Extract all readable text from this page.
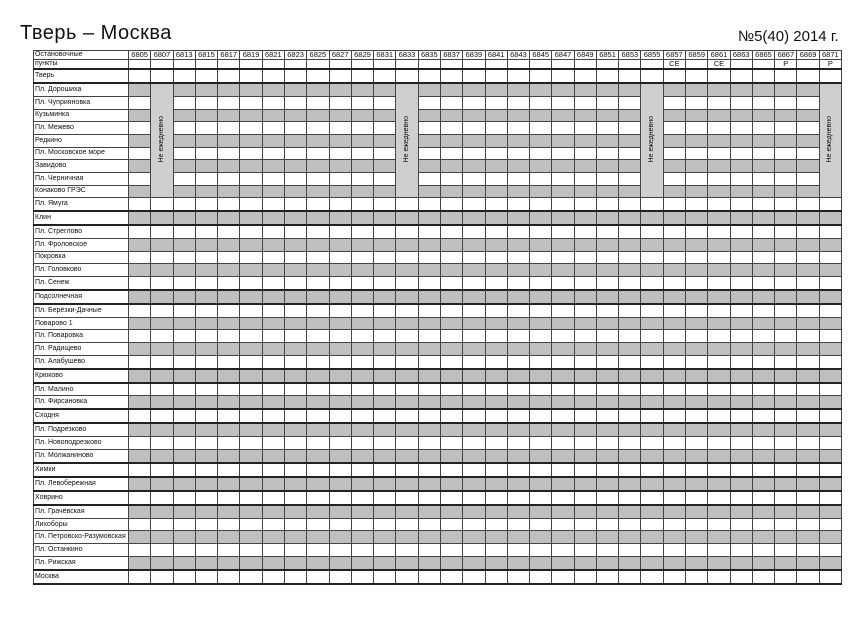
Тверь – Москва	№5(40) 2014 г.
Остановочные	6805	6807	6813	6815	6817	6819	6821	6823	6825	6827	6829	6831	6833	6835	6837	6839	6841	6843	6845	6847	6849	6851	6853	6855	6857	6859	6861	6863	6865	6867	6869	6871
пункты																									СЕ		СЕ			Р		Р
Тверь																																
Пл. Дорошиха		Не ежедневно											Не ежедневно											Не ежедневно								Не ежедневно
Пл. Чуприяновка																																
Кузьминка																																
Пл. Межево																																
Редкино																																
Пл. Московское море																																
Завидово																																
Пл. Черничная																																
Конаково ГРЭС																																
Пл. Ямуга																																
Клин																																
Пл. Стреглово																																
Пл. Фроловское																																
Покровка																																
Пл. Головково																																
Пл. Сенеж																																
Подсолнечная																																
Пл. Берёзки-Дачные																																
Поварово 1																																
Пл. Поваровка																																
Пл. Радищево																																
Пл. Алабушево																																
Крюково																																
Пл. Малино																																
Пл. Фирсановка																																
Сходня																																
Пл. Подрезково																																
Пл. Новоподрезково																																
Пл. Молжаниново																																
Химки																																
Пл. Левобережная																																
Ховрино																																
Пл. Грачёвская																																
Лихоборы																																
Пл. Петровско-Разумовская																																
Пл. Останкино																																
Пл. Рижская																																
Москва																																
